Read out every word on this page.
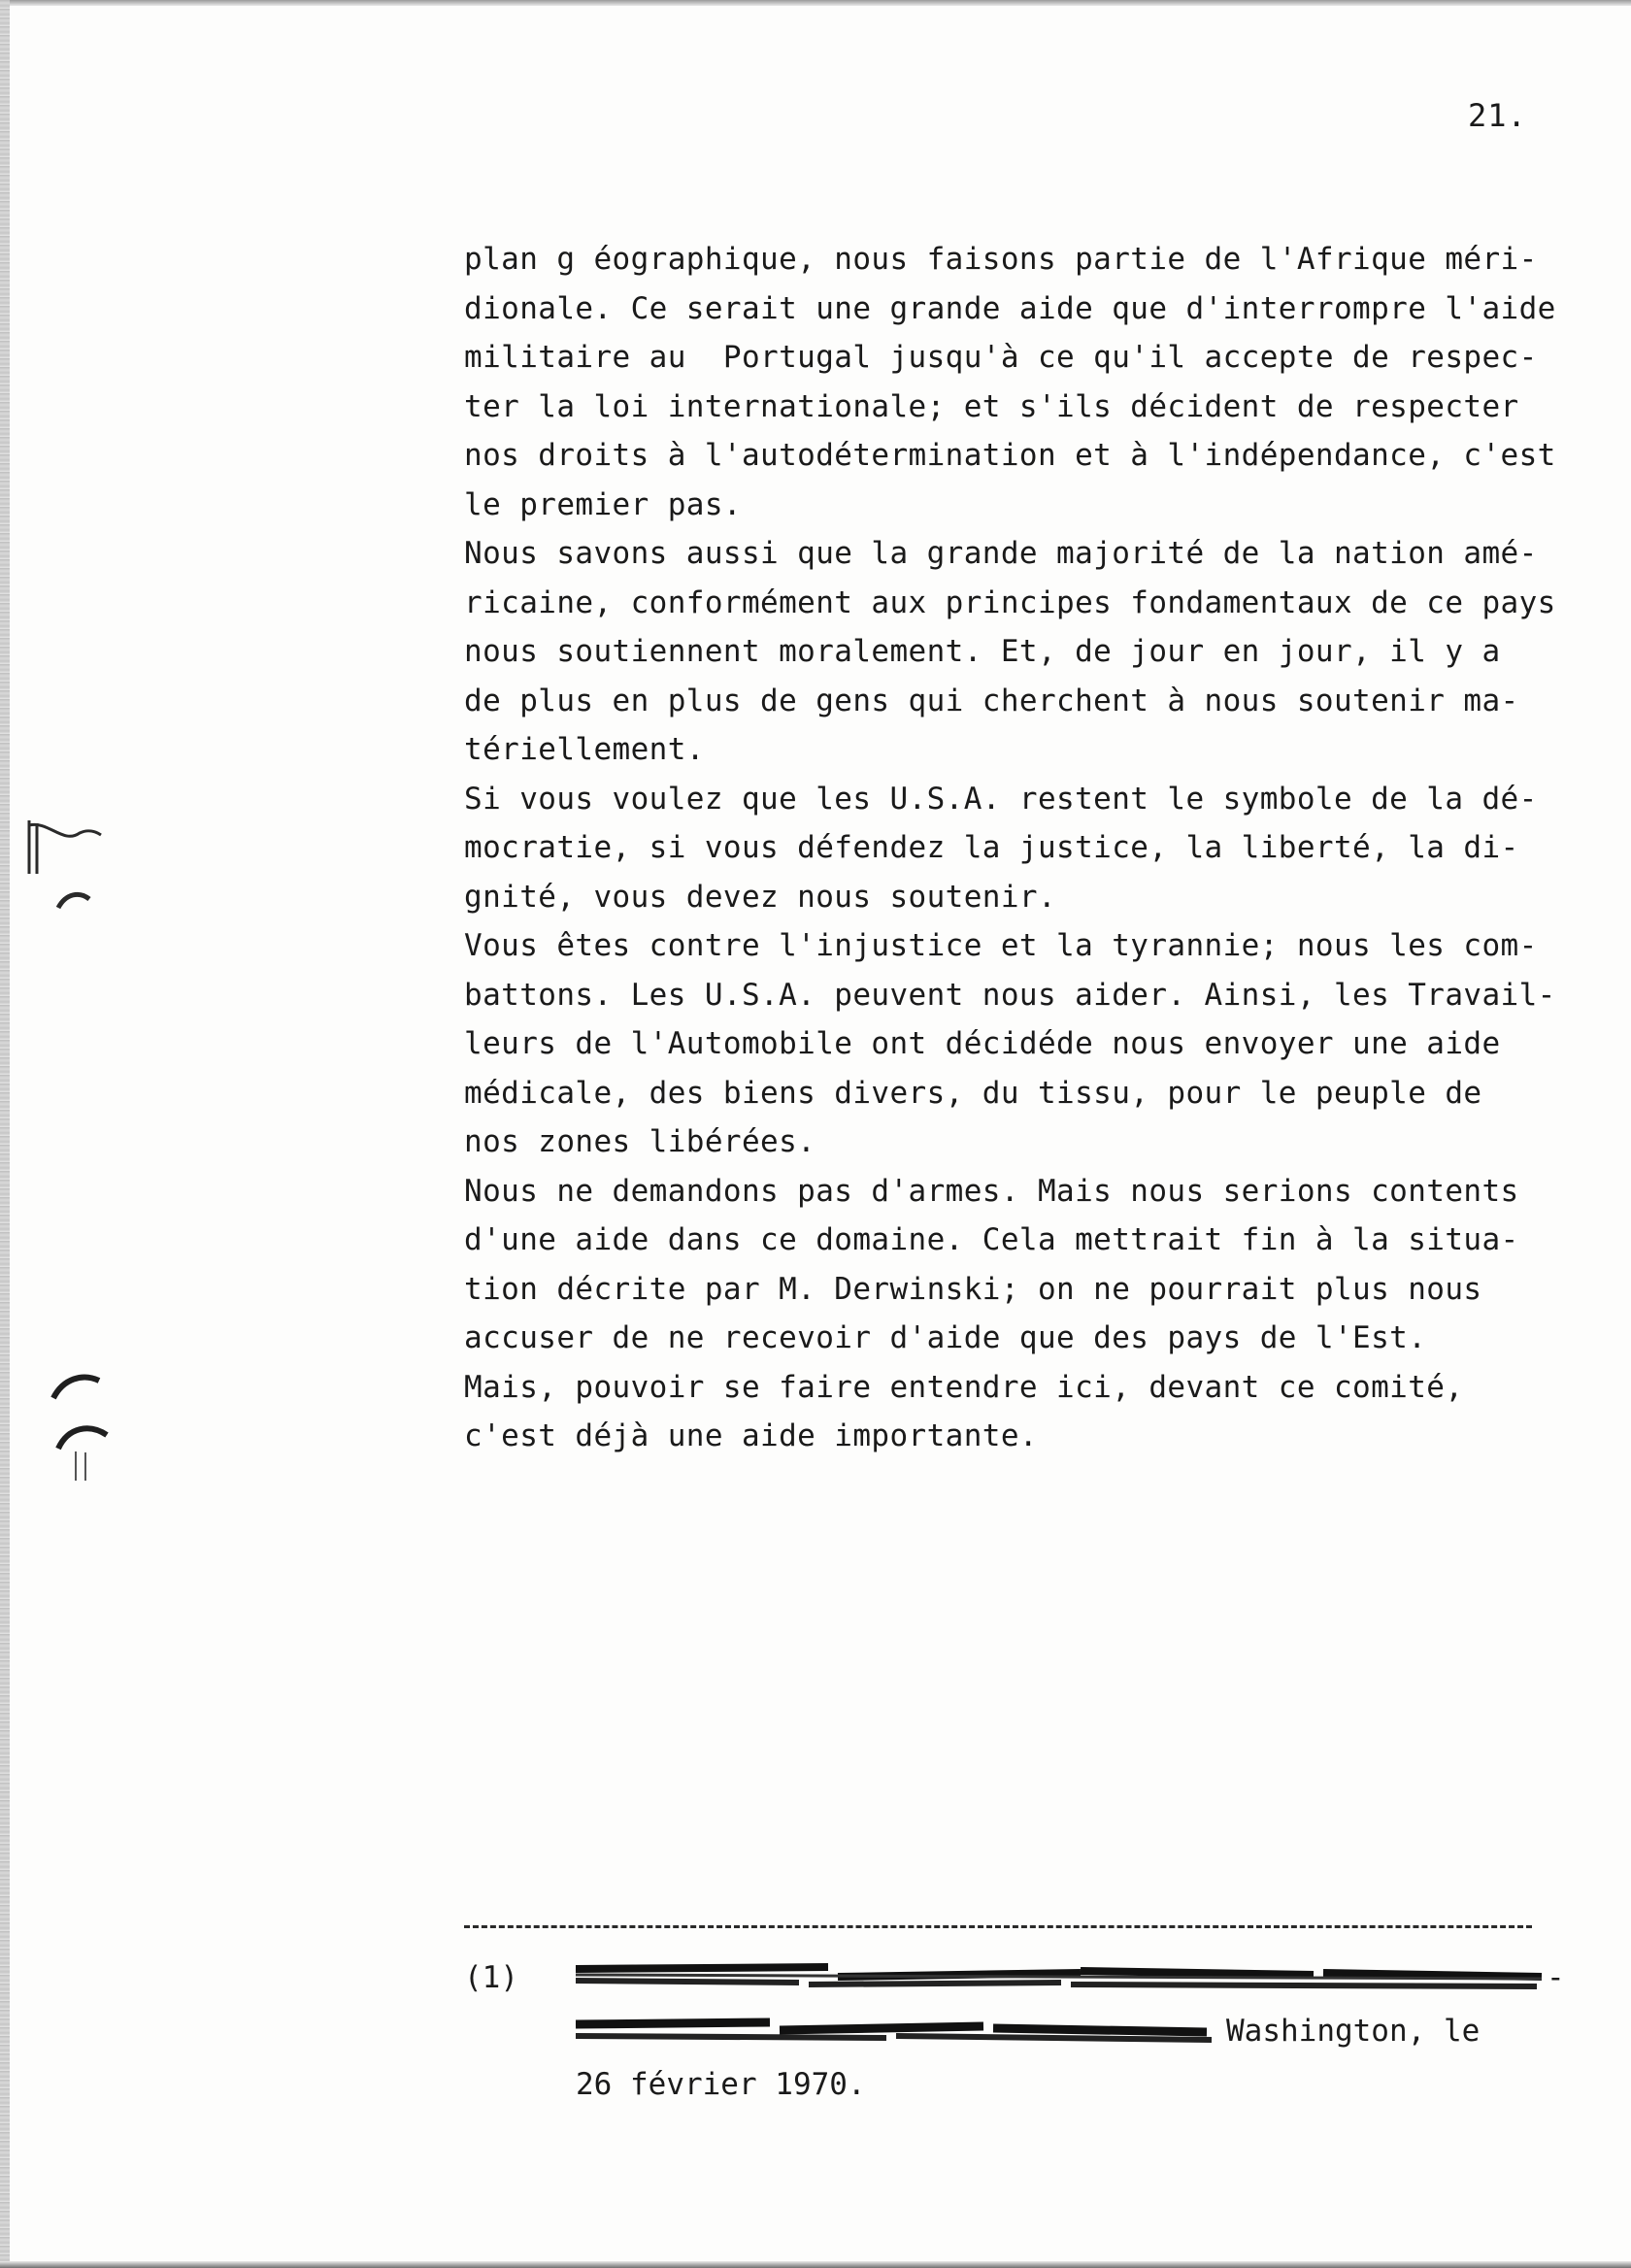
21.
plan g éographique, nous faisons partie de l'Afrique méri-
dionale. Ce serait une grande aide que d'interrompre l'aide
militaire au  Portugal jusqu'à ce qu'il accepte de respec-
ter la loi internationale; et s'ils décident de respecter
nos droits à l'autodétermination et à l'indépendance, c'est
le premier pas.
Nous savons aussi que la grande majorité de la nation amé-
ricaine, conformément aux principes fondamentaux de ce pays
nous soutiennent moralement. Et, de jour en jour, il y a
de plus en plus de gens qui cherchent à nous soutenir ma-
tériellement.
Si vous voulez que les U.S.A. restent le symbole de la dé-
mocratie, si vous défendez la justice, la liberté, la di-
gnité, vous devez nous soutenir.
Vous êtes contre l'injustice et la tyrannie; nous les com-
battons. Les U.S.A. peuvent nous aider. Ainsi, les Travail-
leurs de l'Automobile ont décidéde nous envoyer une aide
médicale, des biens divers, du tissu, pour le peuple de
nos zones libérées.
Nous ne demandons pas d'armes. Mais nous serions contents
d'une aide dans ce domaine. Cela mettrait fin à la situa-
tion décrite par M. Derwinski; on ne pourrait plus nous
accuser de ne recevoir d'aide que des pays de l'Est.
Mais, pouvoir se faire entendre ici, devant ce comité,
c'est déjà une aide importante.
(1)	-
Washington, le
26 février 1970.
